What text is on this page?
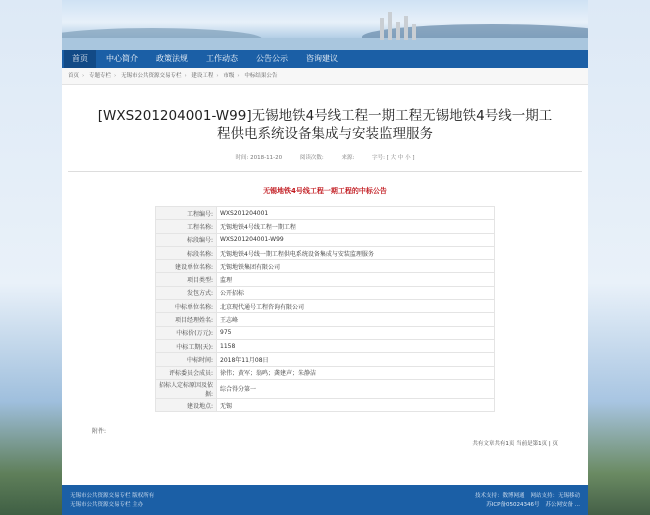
首页	中心简介	政策法规	工作动态	公告公示	咨询建议
首页 › 专题专栏 › 无锡市公共资源交易专栏 › 建设工程 › 市级 › 中标结果公告
[WXS201204001-W99]无锡地铁4号线工程一期工程无锡地铁4号线一期工程供电系统设备集成与安装监理服务
时间: 2018-11-20	阅读次数:	来源:	字号: [ 大 中 小 ]
无锡地铁4号线工程一期工程的中标公告
工程编号:	WXS201204001
工程名称:	无锡地铁4号线工程一期工程
标段编号:	WXS201204001-W99
标段名称:	无锡地铁4号线一期工程供电系统设备集成与安装监理服务
建设单位名称:	无锡地铁集团有限公司
项目类型:	监理
发包方式:	公开招标
中标单位名称:	北京现代通号工程咨询有限公司
项目经理姓名:	王志峰
中标价(万元):	975
中标工期(天):	1158
中标时间:	2018年11月08日
评标委员会成员:	徐伟；黄军；翁鸣；龚建声；朱静洁
招标人定标原因及依据:	综合得分第一
建设地点:	无锡
附件:
共有文章共有1页 当前是第1页 | 页
无锡市公共资源交易专栏 版权所有
无锡市公共资源交易专栏 主办
技术支持：数博网通 网站支持：无锡移动
苏ICP备05024346号 苏公网安备 ...
